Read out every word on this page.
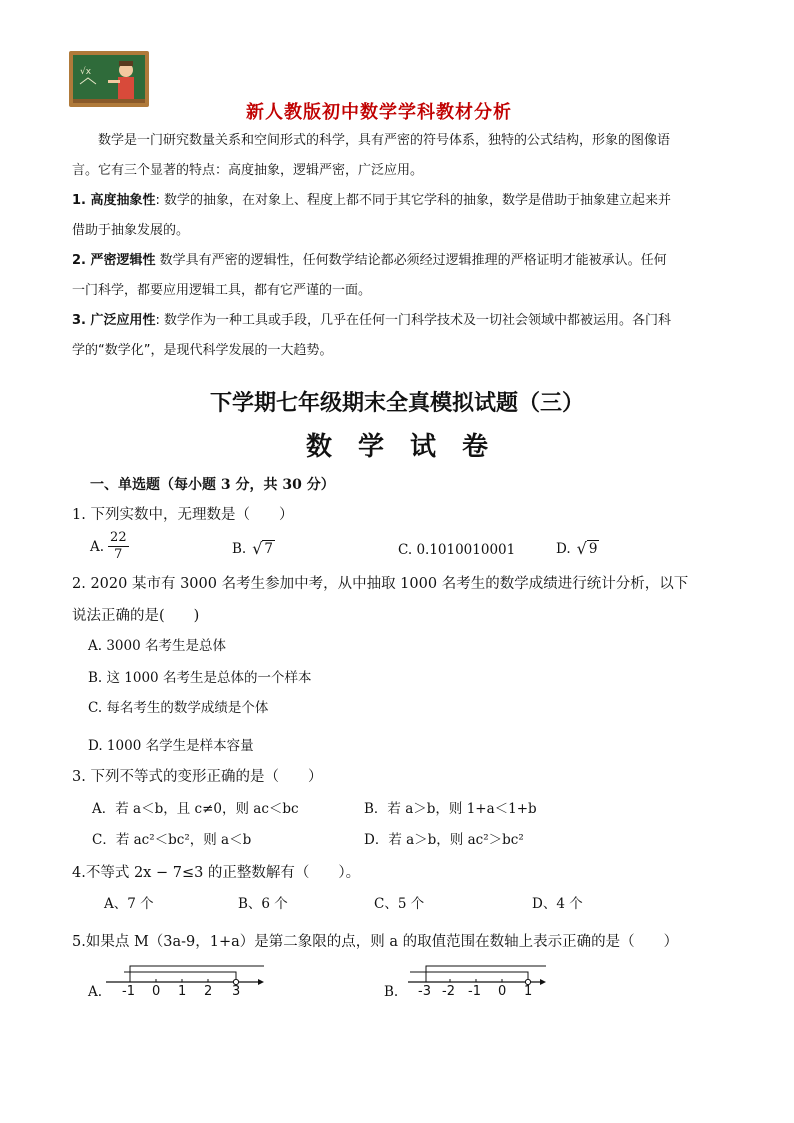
√x
新人教版初中数学学科教材分析
数学是一门研究数量关系和空间形式的科学，具有严密的符号体系，独特的公式结构，形象的图像语
言。它有三个显著的特点：高度抽象，逻辑严密，广泛应用。
1. 高度抽象性: 数学的抽象，在对象上、程度上都不同于其它学科的抽象，数学是借助于抽象建立起来并
借助于抽象发展的。
2. 严密逻辑性 数学具有严密的逻辑性，任何数学结论都必须经过逻辑推理的严格证明才能被承认。任何
一门科学，都要应用逻辑工具，都有它严谨的一面。
3. 广泛应用性: 数学作为一种工具或手段，几乎在任何一门科学技术及一切社会领域中都被运用。各门科
学的“数学化”，是现代科学发展的一大趋势。
下学期七年级期末全真模拟试题（三）
数学试卷
一、单选题（每小题 3 分，共 30 分）
1. 下列实数中，无理数是（　　）
A. $\frac{22}{7}$	B. √ 7	C. 0.1010010001	D. √ 9
2. 2020 某市有 3000 名考生参加中考，从中抽取 1000 名考生的数学成绩进行统计分析，以下
说法正确的是(　　)
A. 3000 名考生是总体
B. 这 1000 名考生是总体的一个样本
C. 每名考生的数学成绩是个体
D. 1000 名学生是样本容量
3. 下列不等式的变形正确的是（　　）
A．若 a＜b，且 c≠0，则 ac＜bc	B．若 a＞b，则 1+a＜1+b
C．若 ac²＜bc²，则 a＜b	D．若 a＞b，则 ac²＞bc²
4.不等式 2x − 7≤3 的正整数解有（　　）。
A、7 个	B、6 个	C、5 个	D、4 个
5.如果点 M（3a-9，1+a）是第二象限的点，则 a 的取值范围在数轴上表示正确的是（　　）
A. -1 0 1 2 3	B. -3 -2 -1 0 1
